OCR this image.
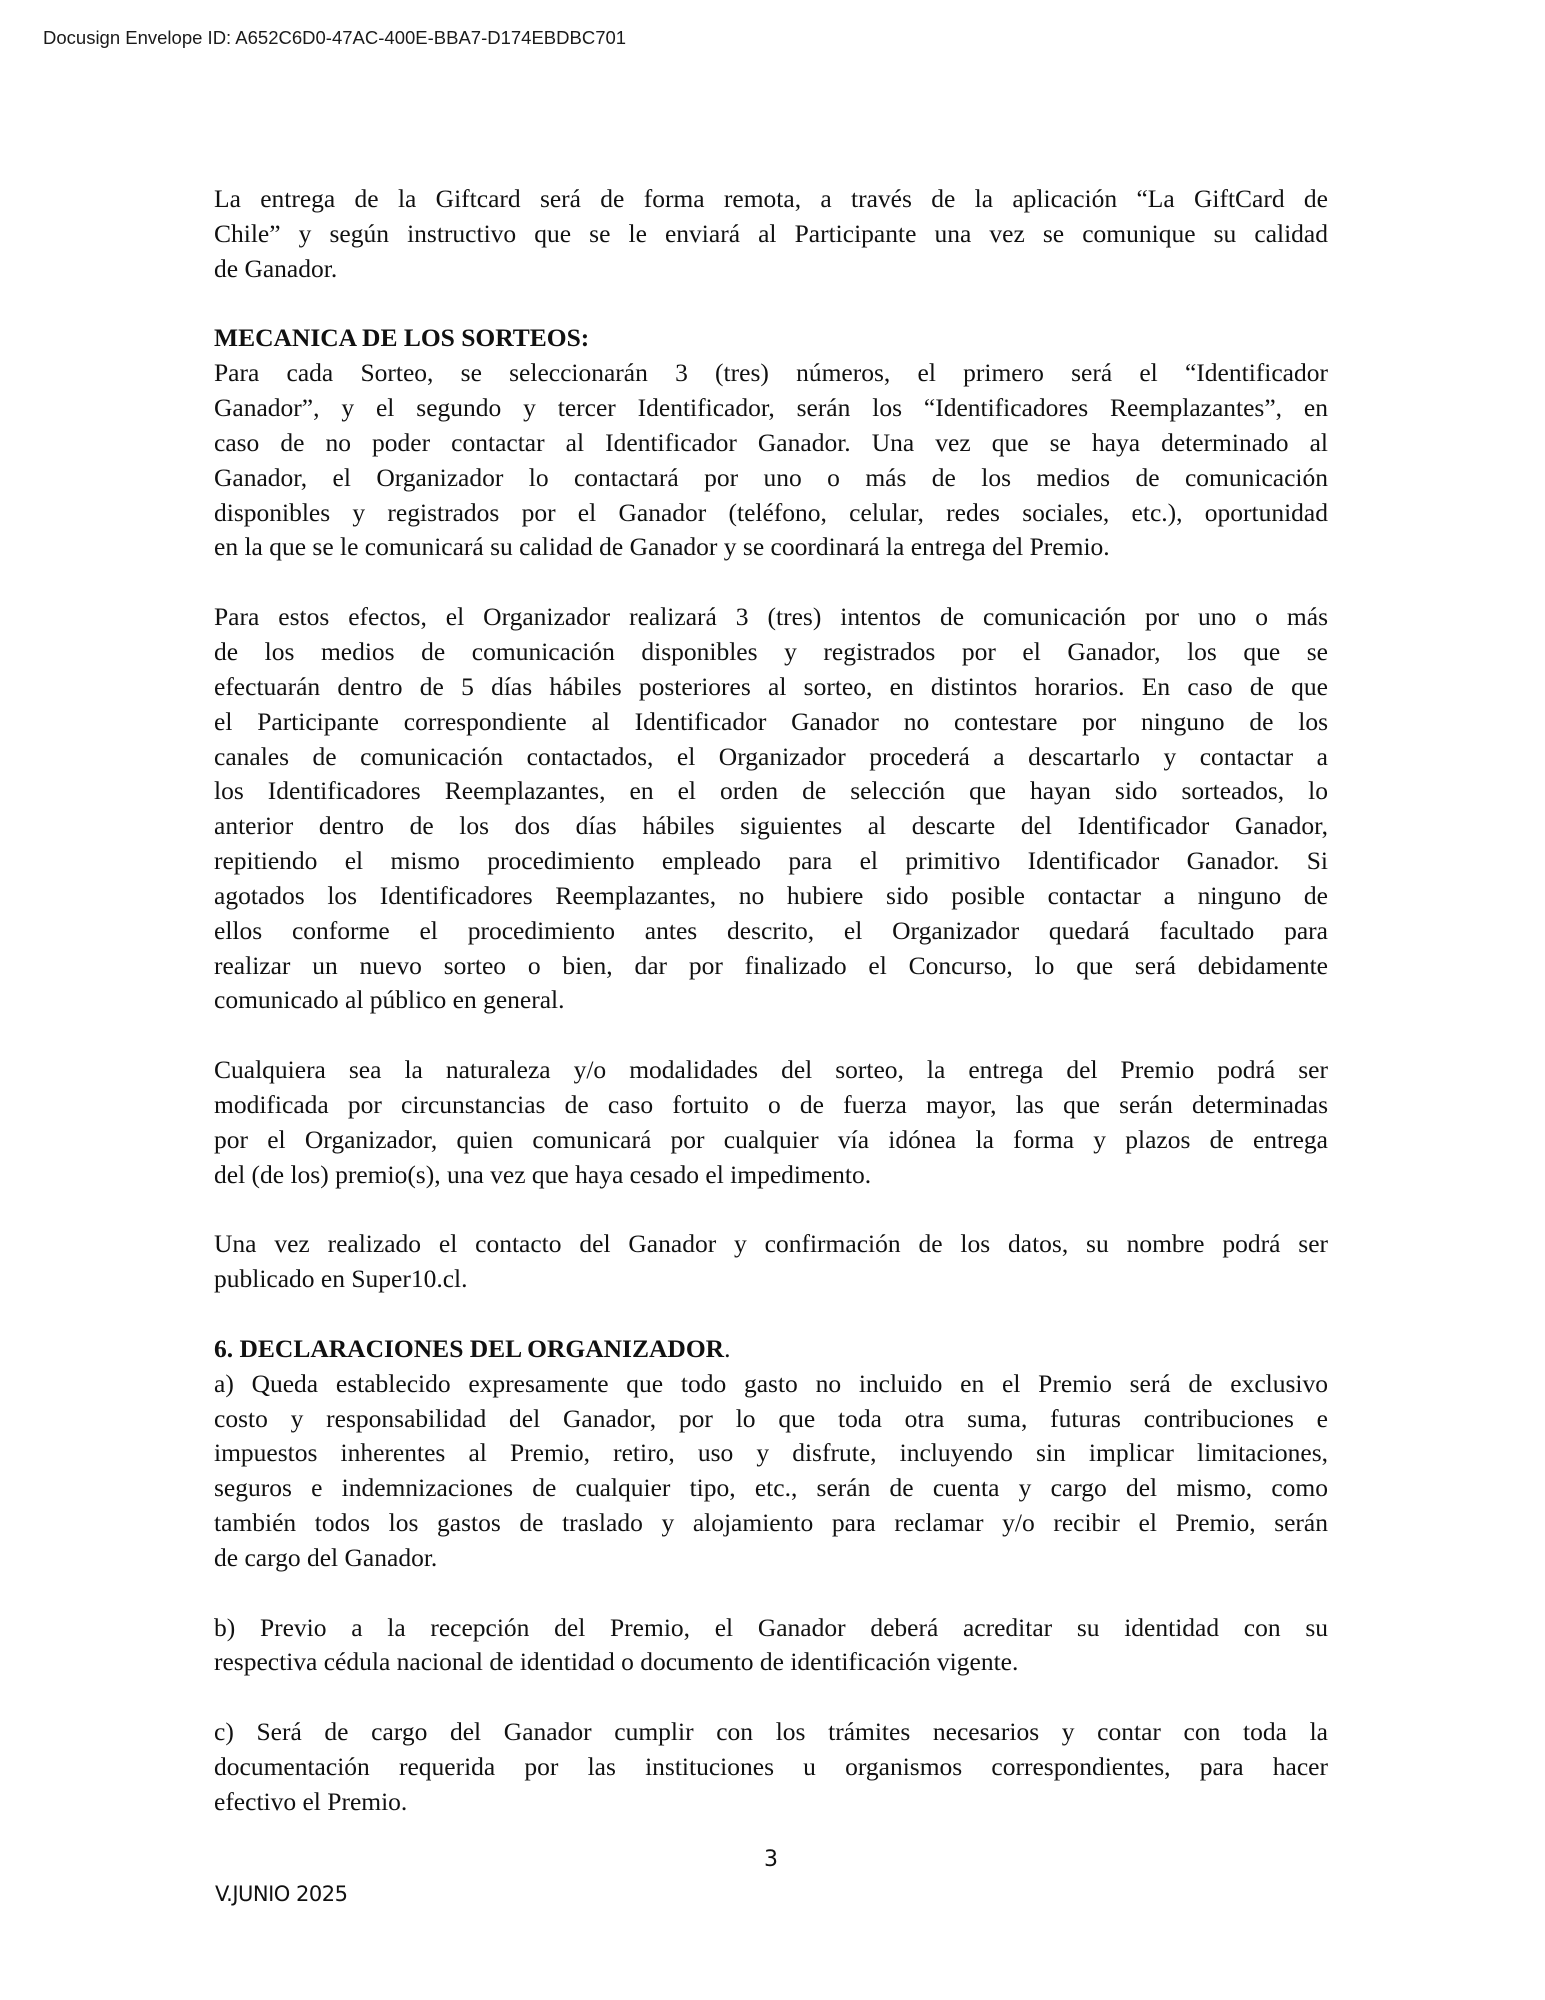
Docusign Envelope ID: A652C6D0-47AC-400E-BBA7-D174EBDBC701
La entrega de la Giftcard será de forma remota, a través de la aplicación “La GiftCard de
Chile” y según instructivo que se le enviará al Participante una vez se comunique su calidad
de Ganador.
MECANICA DE LOS SORTEOS:
Para cada Sorteo, se seleccionarán 3 (tres) números, el primero será el “Identificador
Ganador”, y el segundo y tercer Identificador, serán los “Identificadores Reemplazantes”, en
caso de no poder contactar al Identificador Ganador. Una vez que se haya determinado al
Ganador, el Organizador lo contactará por uno o más de los medios de comunicación
disponibles y registrados por el Ganador (teléfono, celular, redes sociales, etc.), oportunidad
en la que se le comunicará su calidad de Ganador y se coordinará la entrega del Premio.
Para estos efectos, el Organizador realizará 3 (tres) intentos de comunicación por uno o más
de los medios de comunicación disponibles y registrados por el Ganador, los que se
efectuarán dentro de 5 días hábiles posteriores al sorteo, en distintos horarios. En caso de que
el Participante correspondiente al Identificador Ganador no contestare por ninguno de los
canales de comunicación contactados, el Organizador procederá a descartarlo y contactar a
los Identificadores Reemplazantes, en el orden de selección que hayan sido sorteados, lo
anterior dentro de los dos días hábiles siguientes al descarte del Identificador Ganador,
repitiendo el mismo procedimiento empleado para el primitivo Identificador Ganador. Si
agotados los Identificadores Reemplazantes, no hubiere sido posible contactar a ninguno de
ellos conforme el procedimiento antes descrito, el Organizador quedará facultado para
realizar un nuevo sorteo o bien, dar por finalizado el Concurso, lo que será debidamente
comunicado al público en general.
Cualquiera sea la naturaleza y/o modalidades del sorteo, la entrega del Premio podrá ser
modificada por circunstancias de caso fortuito o de fuerza mayor, las que serán determinadas
por el Organizador, quien comunicará por cualquier vía idónea la forma y plazos de entrega
del (de los) premio(s), una vez que haya cesado el impedimento.
Una vez realizado el contacto del Ganador y confirmación de los datos, su nombre podrá ser
publicado en Super10.cl.
6. DECLARACIONES DEL ORGANIZADOR.
a) Queda establecido expresamente que todo gasto no incluido en el Premio será de exclusivo
costo y responsabilidad del Ganador, por lo que toda otra suma, futuras contribuciones e
impuestos inherentes al Premio, retiro, uso y disfrute, incluyendo sin implicar limitaciones,
seguros e indemnizaciones de cualquier tipo, etc., serán de cuenta y cargo del mismo, como
también todos los gastos de traslado y alojamiento para reclamar y/o recibir el Premio, serán
de cargo del Ganador.
b) Previo a la recepción del Premio, el Ganador deberá acreditar su identidad con su
respectiva cédula nacional de identidad o documento de identificación vigente.
c) Será de cargo del Ganador cumplir con los trámites necesarios y contar con toda la
documentación requerida por las instituciones u organismos correspondientes, para hacer
efectivo el Premio.
3
V.JUNIO 2025
